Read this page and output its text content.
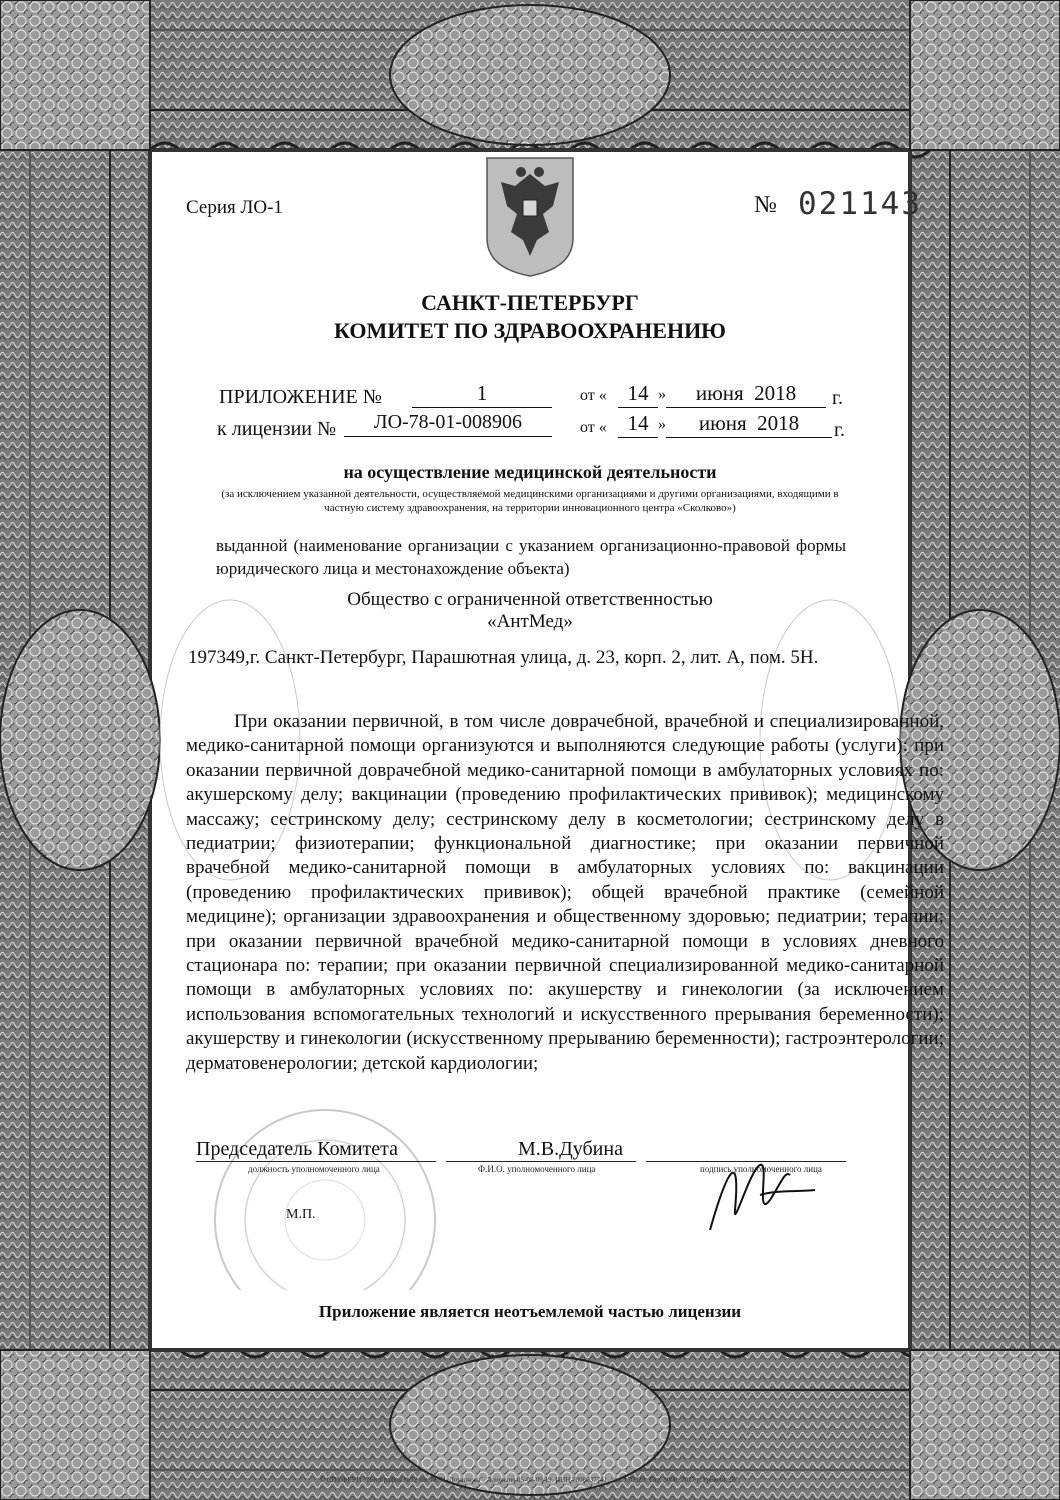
Серия ЛО-1	№ 021143
САНКТ-ПЕТЕРБУРГ
КОМИТЕТ ПО ЗДРАВООХРАНЕНИЮ
ПРИЛОЖЕНИЕ №	1	от « 14 »	июня  2018	г.
к лицензии №	ЛО-78-01-008906	от « 14 »	июня  2018	г.
на осуществление медицинской деятельности
(за исключением указанной деятельности, осуществляемой медицинскими организациями и другими организациями, входящими в частную систему здравоохранения, на территории инновационного центра «Сколково»)
выданной (наименование организации с указанием организационно-правовой формы юридического лица и местонахождение объекта)
Общество с ограниченной ответственностью
«АнтМед»
197349,г. Санкт-Петербург, Парашютная улица, д. 23, корп. 2, лит. А, пом. 5Н.
При оказании первичной, в том числе доврачебной, врачебной и специализированной, медико-санитарной помощи организуются и выполняются следующие работы (услуги): при оказании первичной доврачебной медико-санитарной помощи в амбулаторных условиях по: акушерскому делу; вакцинации (проведению профилактических прививок); медицинскому массажу; сестринскому делу; сестринскому делу в косметологии; сестринскому делу в педиатрии; физиотерапии; функциональной диагностике; при оказании первичной врачебной медико-санитарной помощи в амбулаторных условиях по: вакцинации (проведению профилактических прививок); общей врачебной практике (семейной медицине); организации здравоохранения и общественному здоровью; педиатрии; терапии; при оказании первичной врачебной медико-санитарной помощи в условиях дневного стационара по: терапии; при оказании первичной специализированной медико-санитарной помощи в амбулаторных условиях по: акушерству и гинекологии (за исключением использования вспомогательных технологий и искусственного прерывания беременности); акушерству и гинекологии (искусственному прерыванию беременности); гастроэнтерологии; дерматовенерологии; детской кардиологии;
Председатель Комитета	М.В.Дубина
должность уполномоченного лица	Ф.И.О. уполномоченного лица	подпись уполномоченного лица
М.П.
Приложение является неотъемлемой частью лицензии
© СПб ФГУП "Типография №12 им. М. И. Лоханкова". Лицензия 05-05-09/19. ИНН 7808037741. Зак. 170329. Тир. 3000. 2017 г. Уровень „Б".
